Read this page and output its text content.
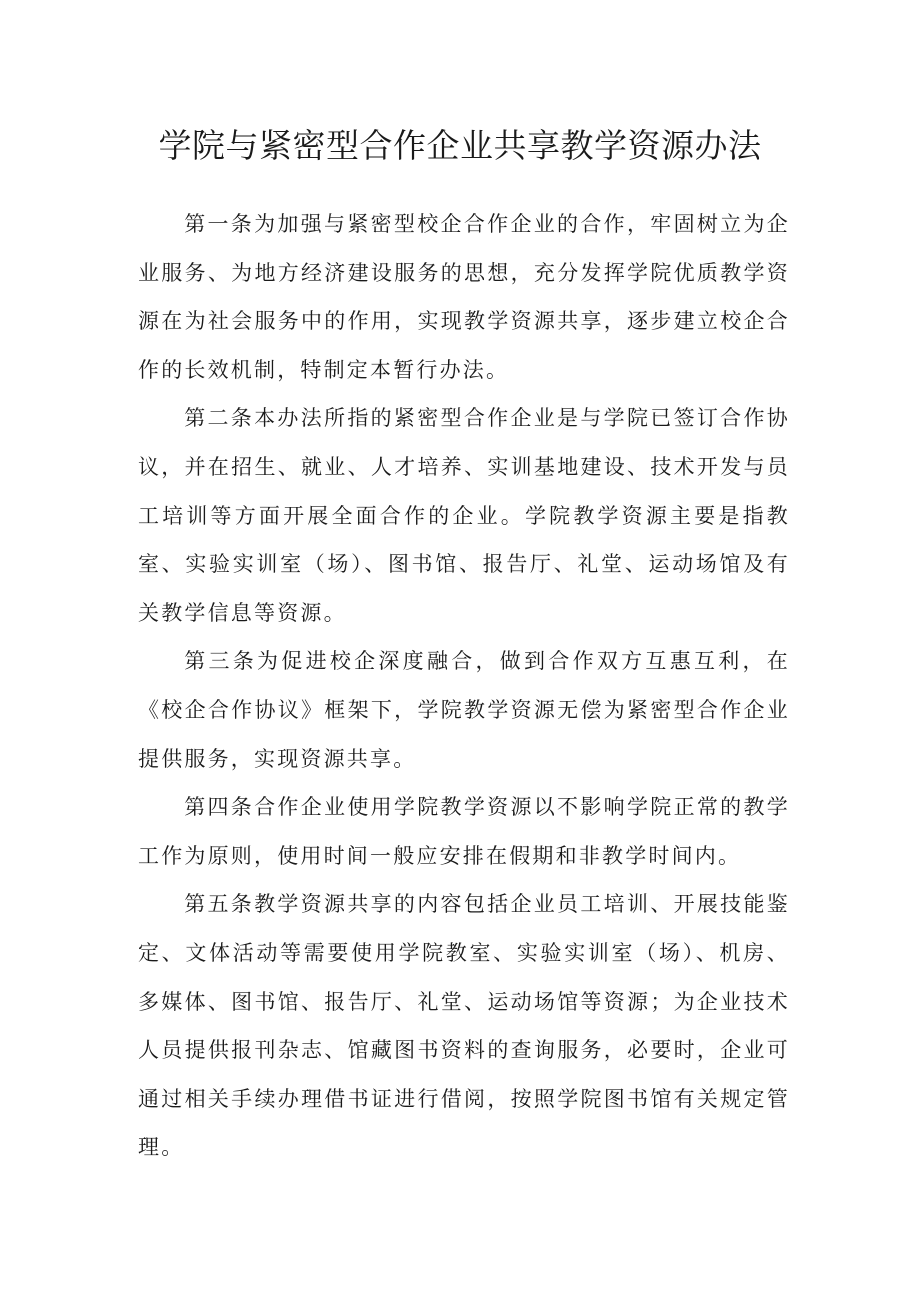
学院与紧密型合作企业共享教学资源办法

第一条为加强与紧密型校企合作企业的合作，牢固树立为企业服务、为地方经济建设服务的思想，充分发挥学院优质教学资源在为社会服务中的作用，实现教学资源共享，逐步建立校企合作的长效机制，特制定本暂行办法。

第二条本办法所指的紧密型合作企业是与学院已签订合作协议，并在招生、就业、人才培养、实训基地建设、技术开发与员工培训等方面开展全面合作的企业。学院教学资源主要是指教室、实验实训室（场）、图书馆、报告厅、礼堂、运动场馆及有关教学信息等资源。

第三条为促进校企深度融合，做到合作双方互惠互利，在《校企合作协议》框架下，学院教学资源无偿为紧密型合作企业提供服务，实现资源共享。

第四条合作企业使用学院教学资源以不影响学院正常的教学工作为原则，使用时间一般应安排在假期和非教学时间内。

第五条教学资源共享的内容包括企业员工培训、开展技能鉴定、文体活动等需要使用学院教室、实验实训室（场）、机房、多媒体、图书馆、报告厅、礼堂、运动场馆等资源；为企业技术人员提供报刊杂志、馆藏图书资料的查询服务，必要时，企业可通过相关手续办理借书证进行借阅，按照学院图书馆有关规定管理。
